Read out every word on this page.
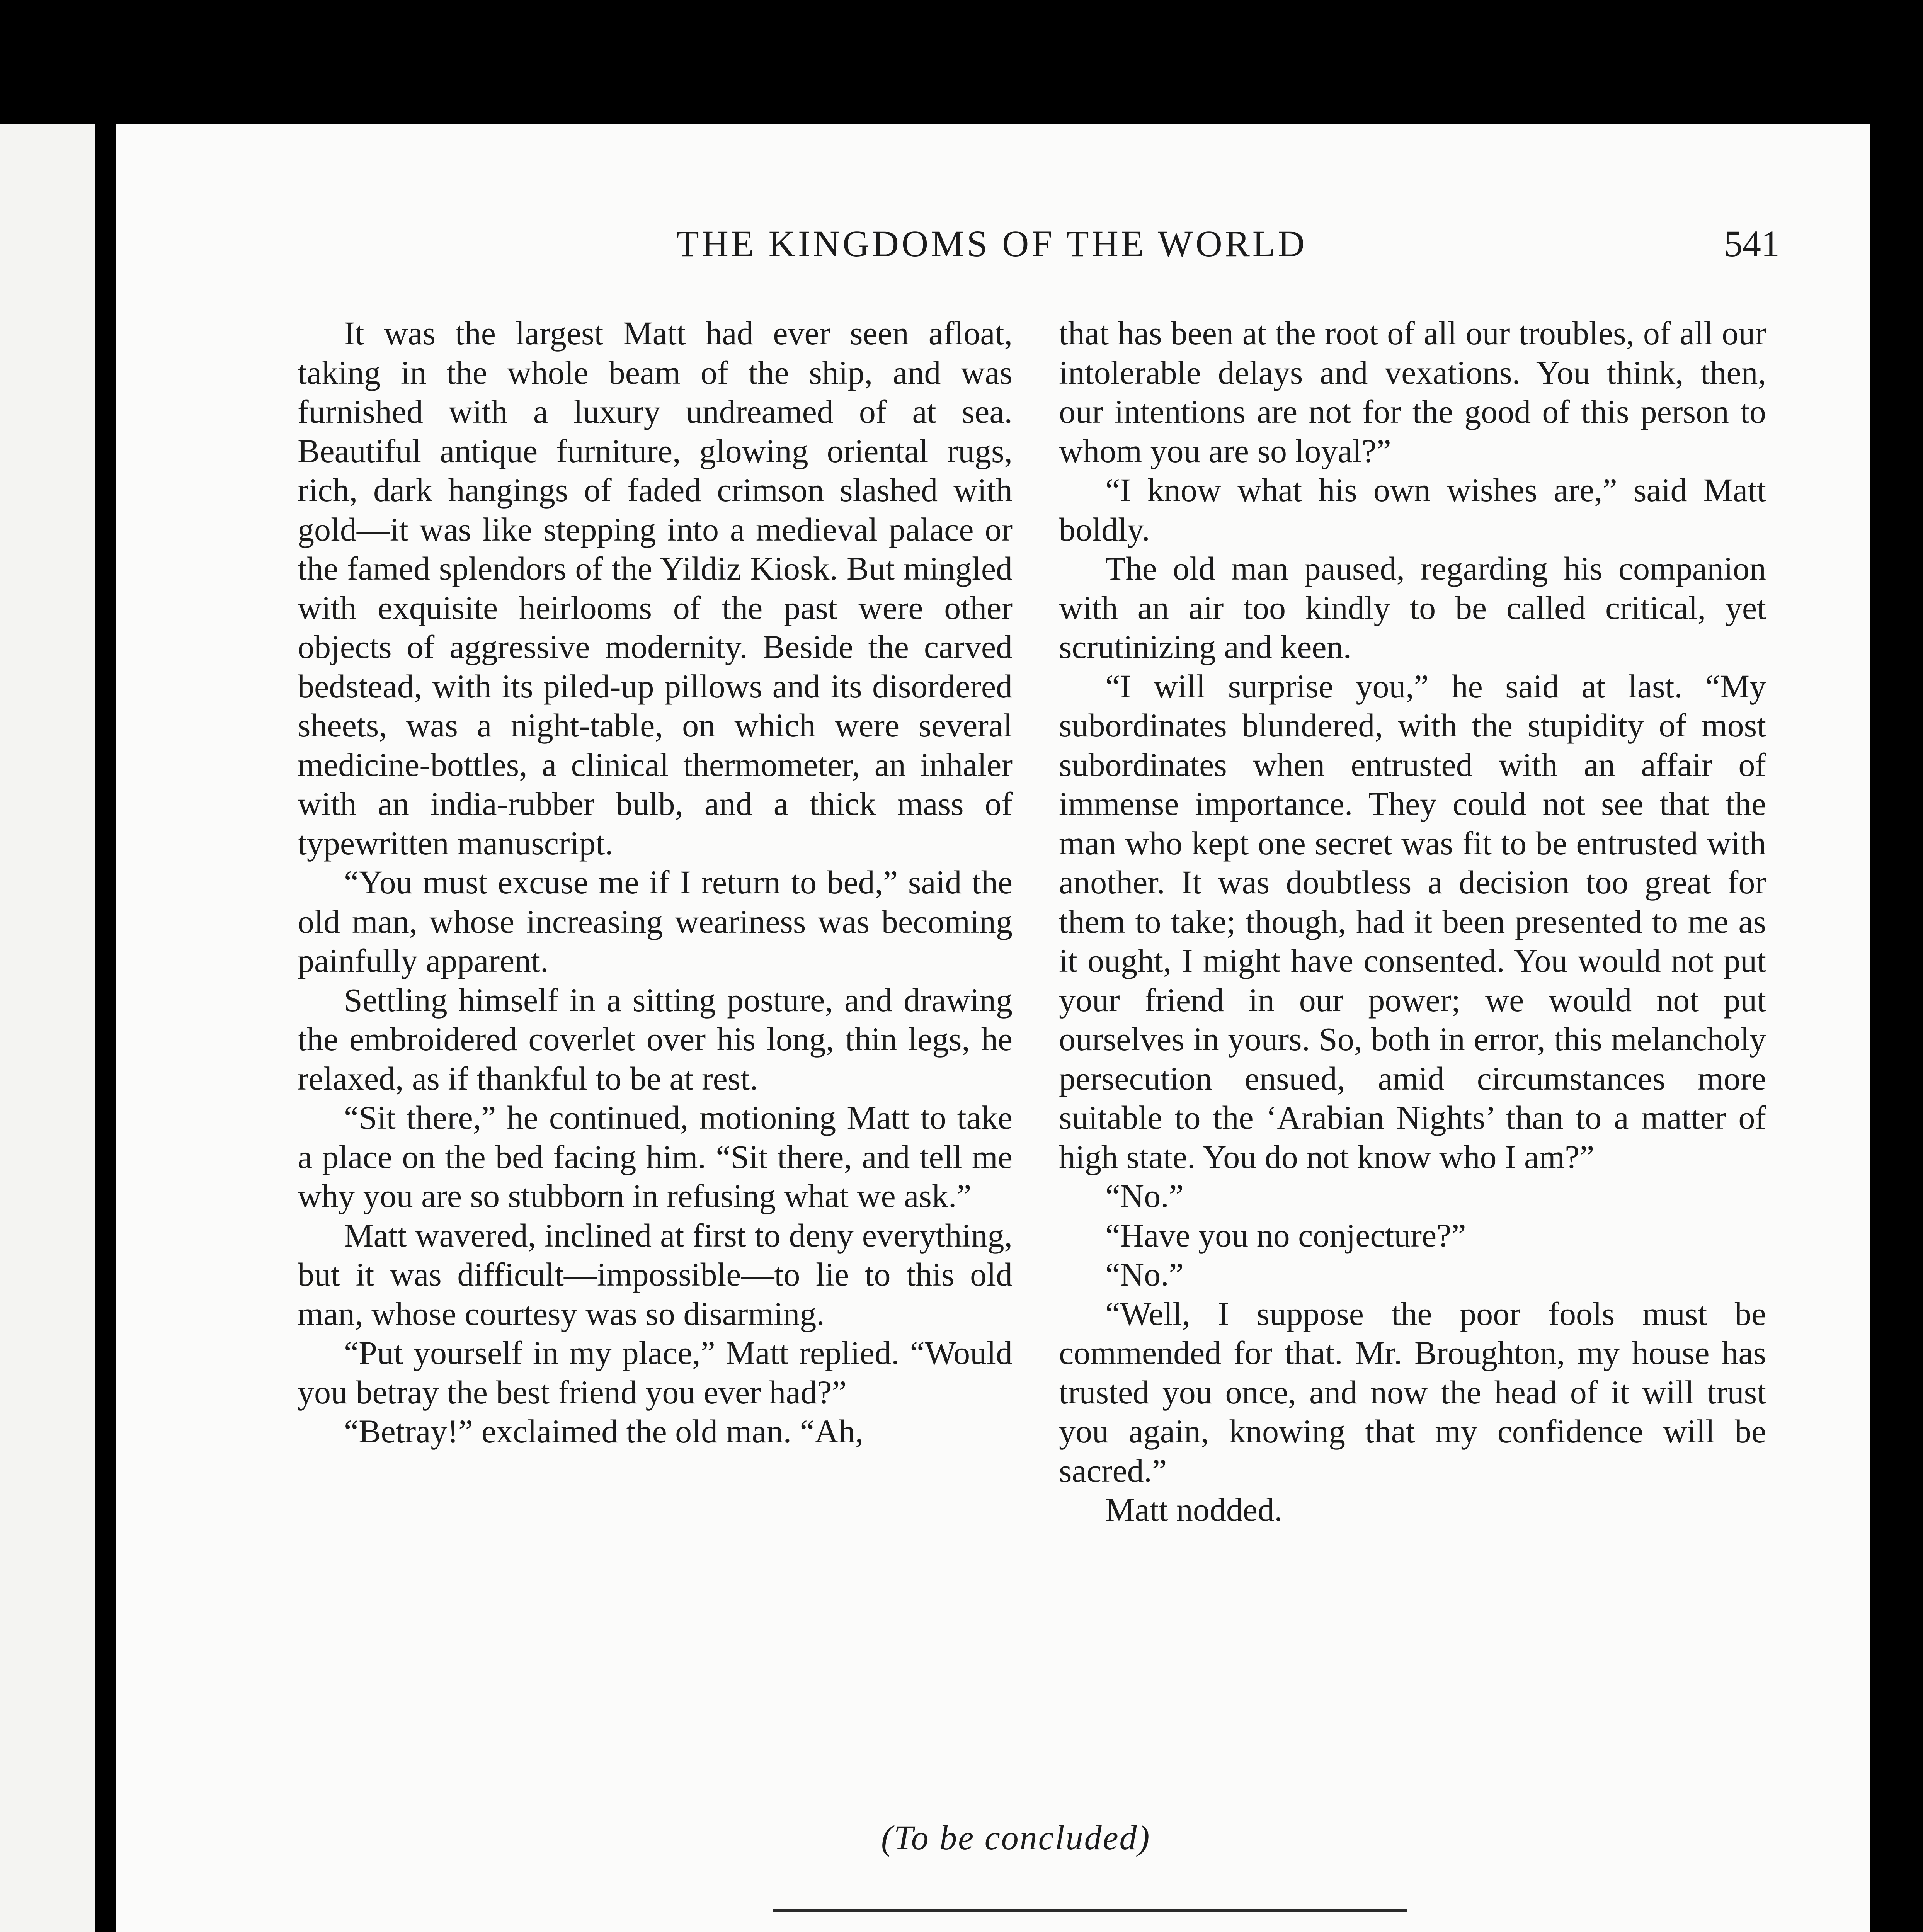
THE KINGDOMS OF THE WORLD	541

It was the largest Matt had ever seen afloat, taking in the whole beam of the ship, and was furnished with a luxury undreamed of at sea. Beautiful antique furniture, glowing oriental rugs, rich, dark hangings of faded crimson slashed with gold—it was like stepping into a medieval palace or the famed splendors of the Yildiz Kiosk. But mingled with exquisite heirlooms of the past were other objects of aggressive modernity. Beside the carved bedstead, with its piled-up pillows and its disordered sheets, was a night-table, on which were several medicine-bottles, a clinical thermometer, an inhaler with an india-rubber bulb, and a thick mass of typewritten manuscript.

“You must excuse me if I return to bed,” said the old man, whose increasing weariness was becoming painfully apparent.

Settling himself in a sitting posture, and drawing the embroidered coverlet over his long, thin legs, he relaxed, as if thankful to be at rest.

“Sit there,” he continued, motioning Matt to take a place on the bed facing him. “Sit there, and tell me why you are so stubborn in refusing what we ask.”

Matt wavered, inclined at first to deny everything, but it was difficult—impossible—to lie to this old man, whose courtesy was so disarming.

“Put yourself in my place,” Matt replied. “Would you betray the best friend you ever had?”

“Betray!” exclaimed the old man. “Ah,

that has been at the root of all our troubles, of all our intolerable delays and vexations. You think, then, our intentions are not for the good of this person to whom you are so loyal?”

“I know what his own wishes are,” said Matt boldly.

The old man paused, regarding his companion with an air too kindly to be called critical, yet scrutinizing and keen.

“I will surprise you,” he said at last. “My subordinates blundered, with the stupidity of most subordinates when entrusted with an affair of immense importance. They could not see that the man who kept one secret was fit to be entrusted with another. It was doubtless a decision too great for them to take; though, had it been presented to me as it ought, I might have consented. You would not put your friend in our power; we would not put ourselves in yours. So, both in error, this melancholy persecution ensued, amid circumstances more suitable to the ‘Arabian Nights’ than to a matter of high state. You do not know who I am?”

“No.”

“Have you no conjecture?”

“No.”

“Well, I suppose the poor fools must be commended for that. Mr. Broughton, my house has trusted you once, and now the head of it will trust you again, knowing that my confidence will be sacred.”

Matt nodded.

(To be concluded)
